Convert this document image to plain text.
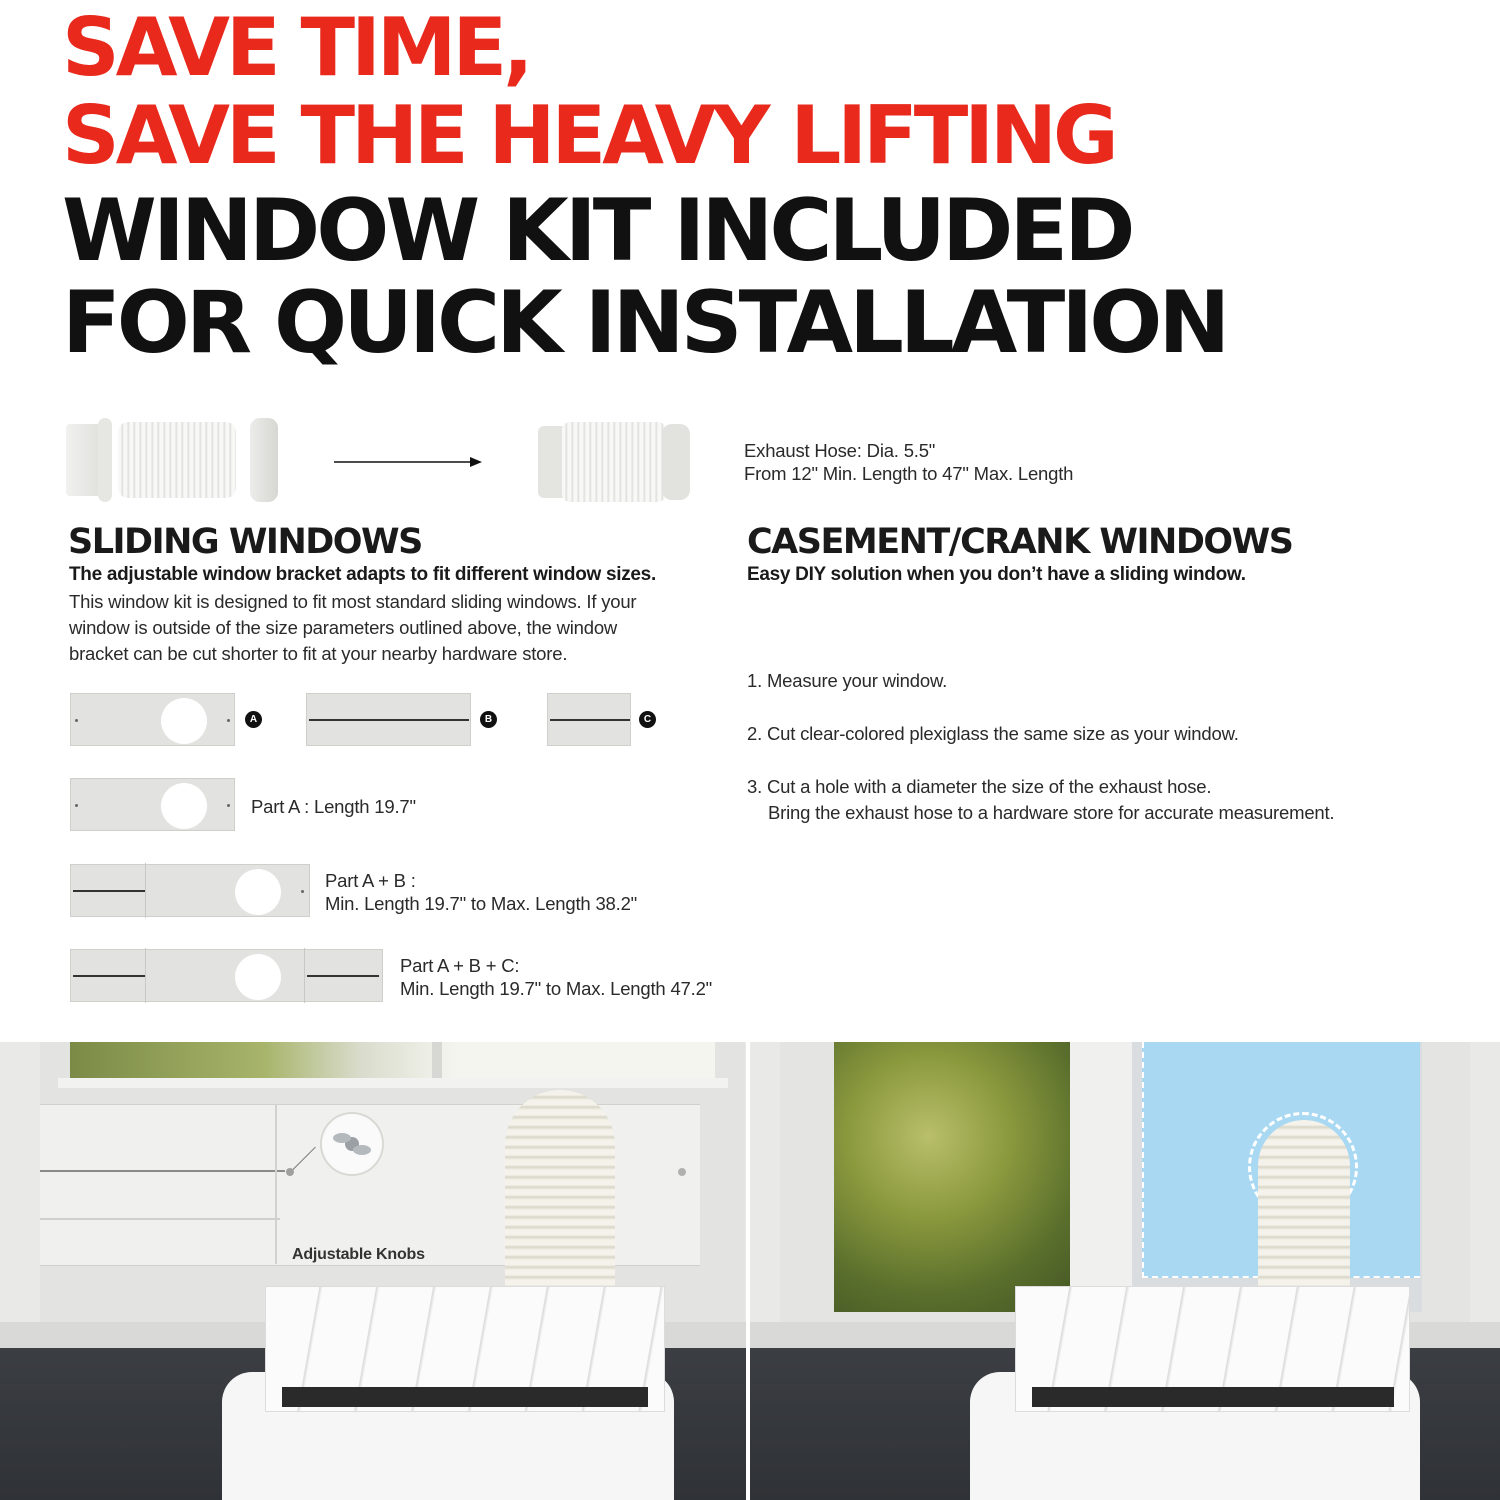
SAVE TIME,
SAVE THE HEAVY LIFTING
WINDOW KIT INCLUDED
FOR QUICK INSTALLATION
Exhaust Hose: Dia. 5.5"
From 12" Min. Length to 47" Max. Length
SLIDING WINDOWS
The adjustable window bracket adapts to fit different window sizes.
This window kit is designed to fit most standard sliding windows. If your
window is outside of the size parameters outlined above, the window
bracket can be cut shorter to fit at your nearby hardware store.
A	B	C
Part A : Length 19.7"
Part A + B :
Min. Length 19.7" to Max. Length 38.2"
Part A + B + C:
Min. Length 19.7" to Max. Length 47.2"
CASEMENT/CRANK WINDOWS
Easy DIY solution when you don’t have a sliding window.
1. Measure your window.
2. Cut clear-colored plexiglass the same size as your window.
3. Cut a hole with a diameter the size of the exhaust hose.
Bring the exhaust hose to a hardware store for accurate measurement.
Adjustable Knobs
